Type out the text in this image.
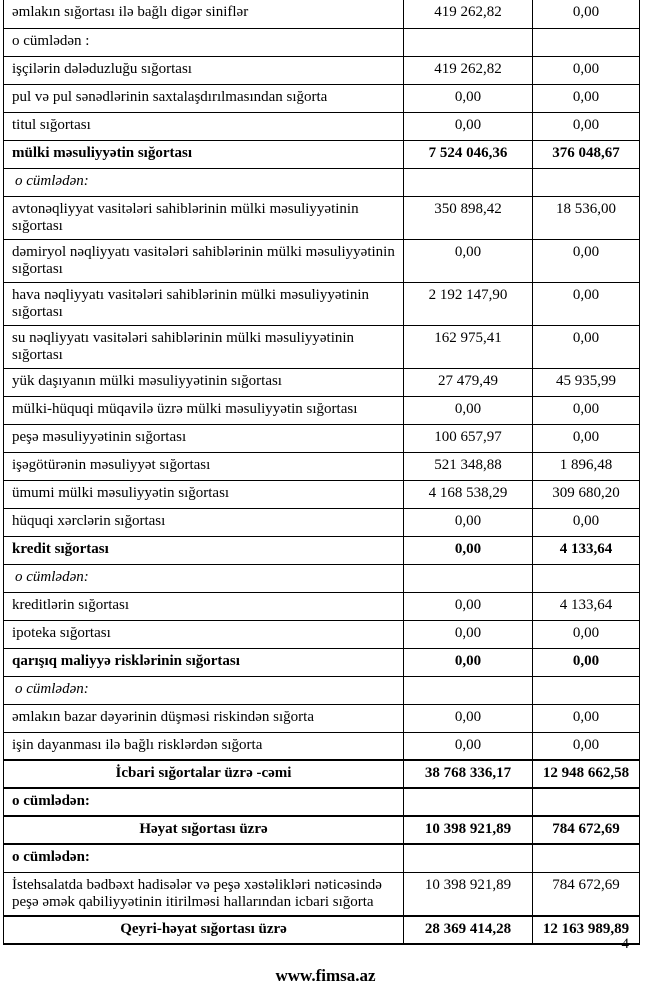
əmlakın sığortası ilə bağlı digər siniflər	419 262,82	0,00
o cümlədən :		
işçilərin dələduzluğu sığortası	419 262,82	0,00
pul və pul sənədlərinin saxtalaşdırılmasından sığorta	0,00	0,00
titul sığortası	0,00	0,00
mülki məsuliyyətin sığortası	7 524 046,36	376 048,67
o cümlədən:		
avtonəqliyyat vasitələri sahiblərinin mülki məsuliyyətinin sığortası	350 898,42	18 536,00
dəmiryol nəqliyyatı vasitələri sahiblərinin mülki məsuliyyətinin sığortası	0,00	0,00
hava nəqliyyatı vasitələri sahiblərinin mülki məsuliyyətinin sığortası	2 192 147,90	0,00
su nəqliyyatı vasitələri sahiblərinin mülki məsuliyyətinin sığortası	162 975,41	0,00
yük daşıyanın mülki məsuliyyətinin sığortası	27 479,49	45 935,99
mülki-hüquqi müqavilə üzrə mülki məsuliyyətin sığortası	0,00	0,00
peşə məsuliyyətinin sığortası	100 657,97	0,00
işəgötürənin məsuliyyət sığortası	521 348,88	1 896,48
ümumi mülki məsuliyyətin sığortası	4 168 538,29	309 680,20
hüquqi xərclərin sığortası	0,00	0,00
kredit sığortası	0,00	4 133,64
o cümlədən:		
kreditlərin sığortası	0,00	4 133,64
ipoteka sığortası	0,00	0,00
qarışıq maliyyə risklərinin sığortası	0,00	0,00
o cümlədən:		
əmlakın bazar dəyərinin düşməsi riskindən sığorta	0,00	0,00
işin dayanması ilə bağlı risklərdən sığorta	0,00	0,00
İcbari sığortalar üzrə -cəmi	38 768 336,17	12 948 662,58
o cümlədən:		
Həyat sığortası üzrə	10 398 921,89	784 672,69
o cümlədən:		
İstehsalatda bədbəxt hadisələr və peşə xəstəlikləri nəticəsində peşə əmək qabiliyyətinin itirilməsi hallarından icbari sığorta	10 398 921,89	784 672,69
Qeyri-həyat sığortası üzrə	28 369 414,28	12 163 989,89
4
www.fimsa.az
